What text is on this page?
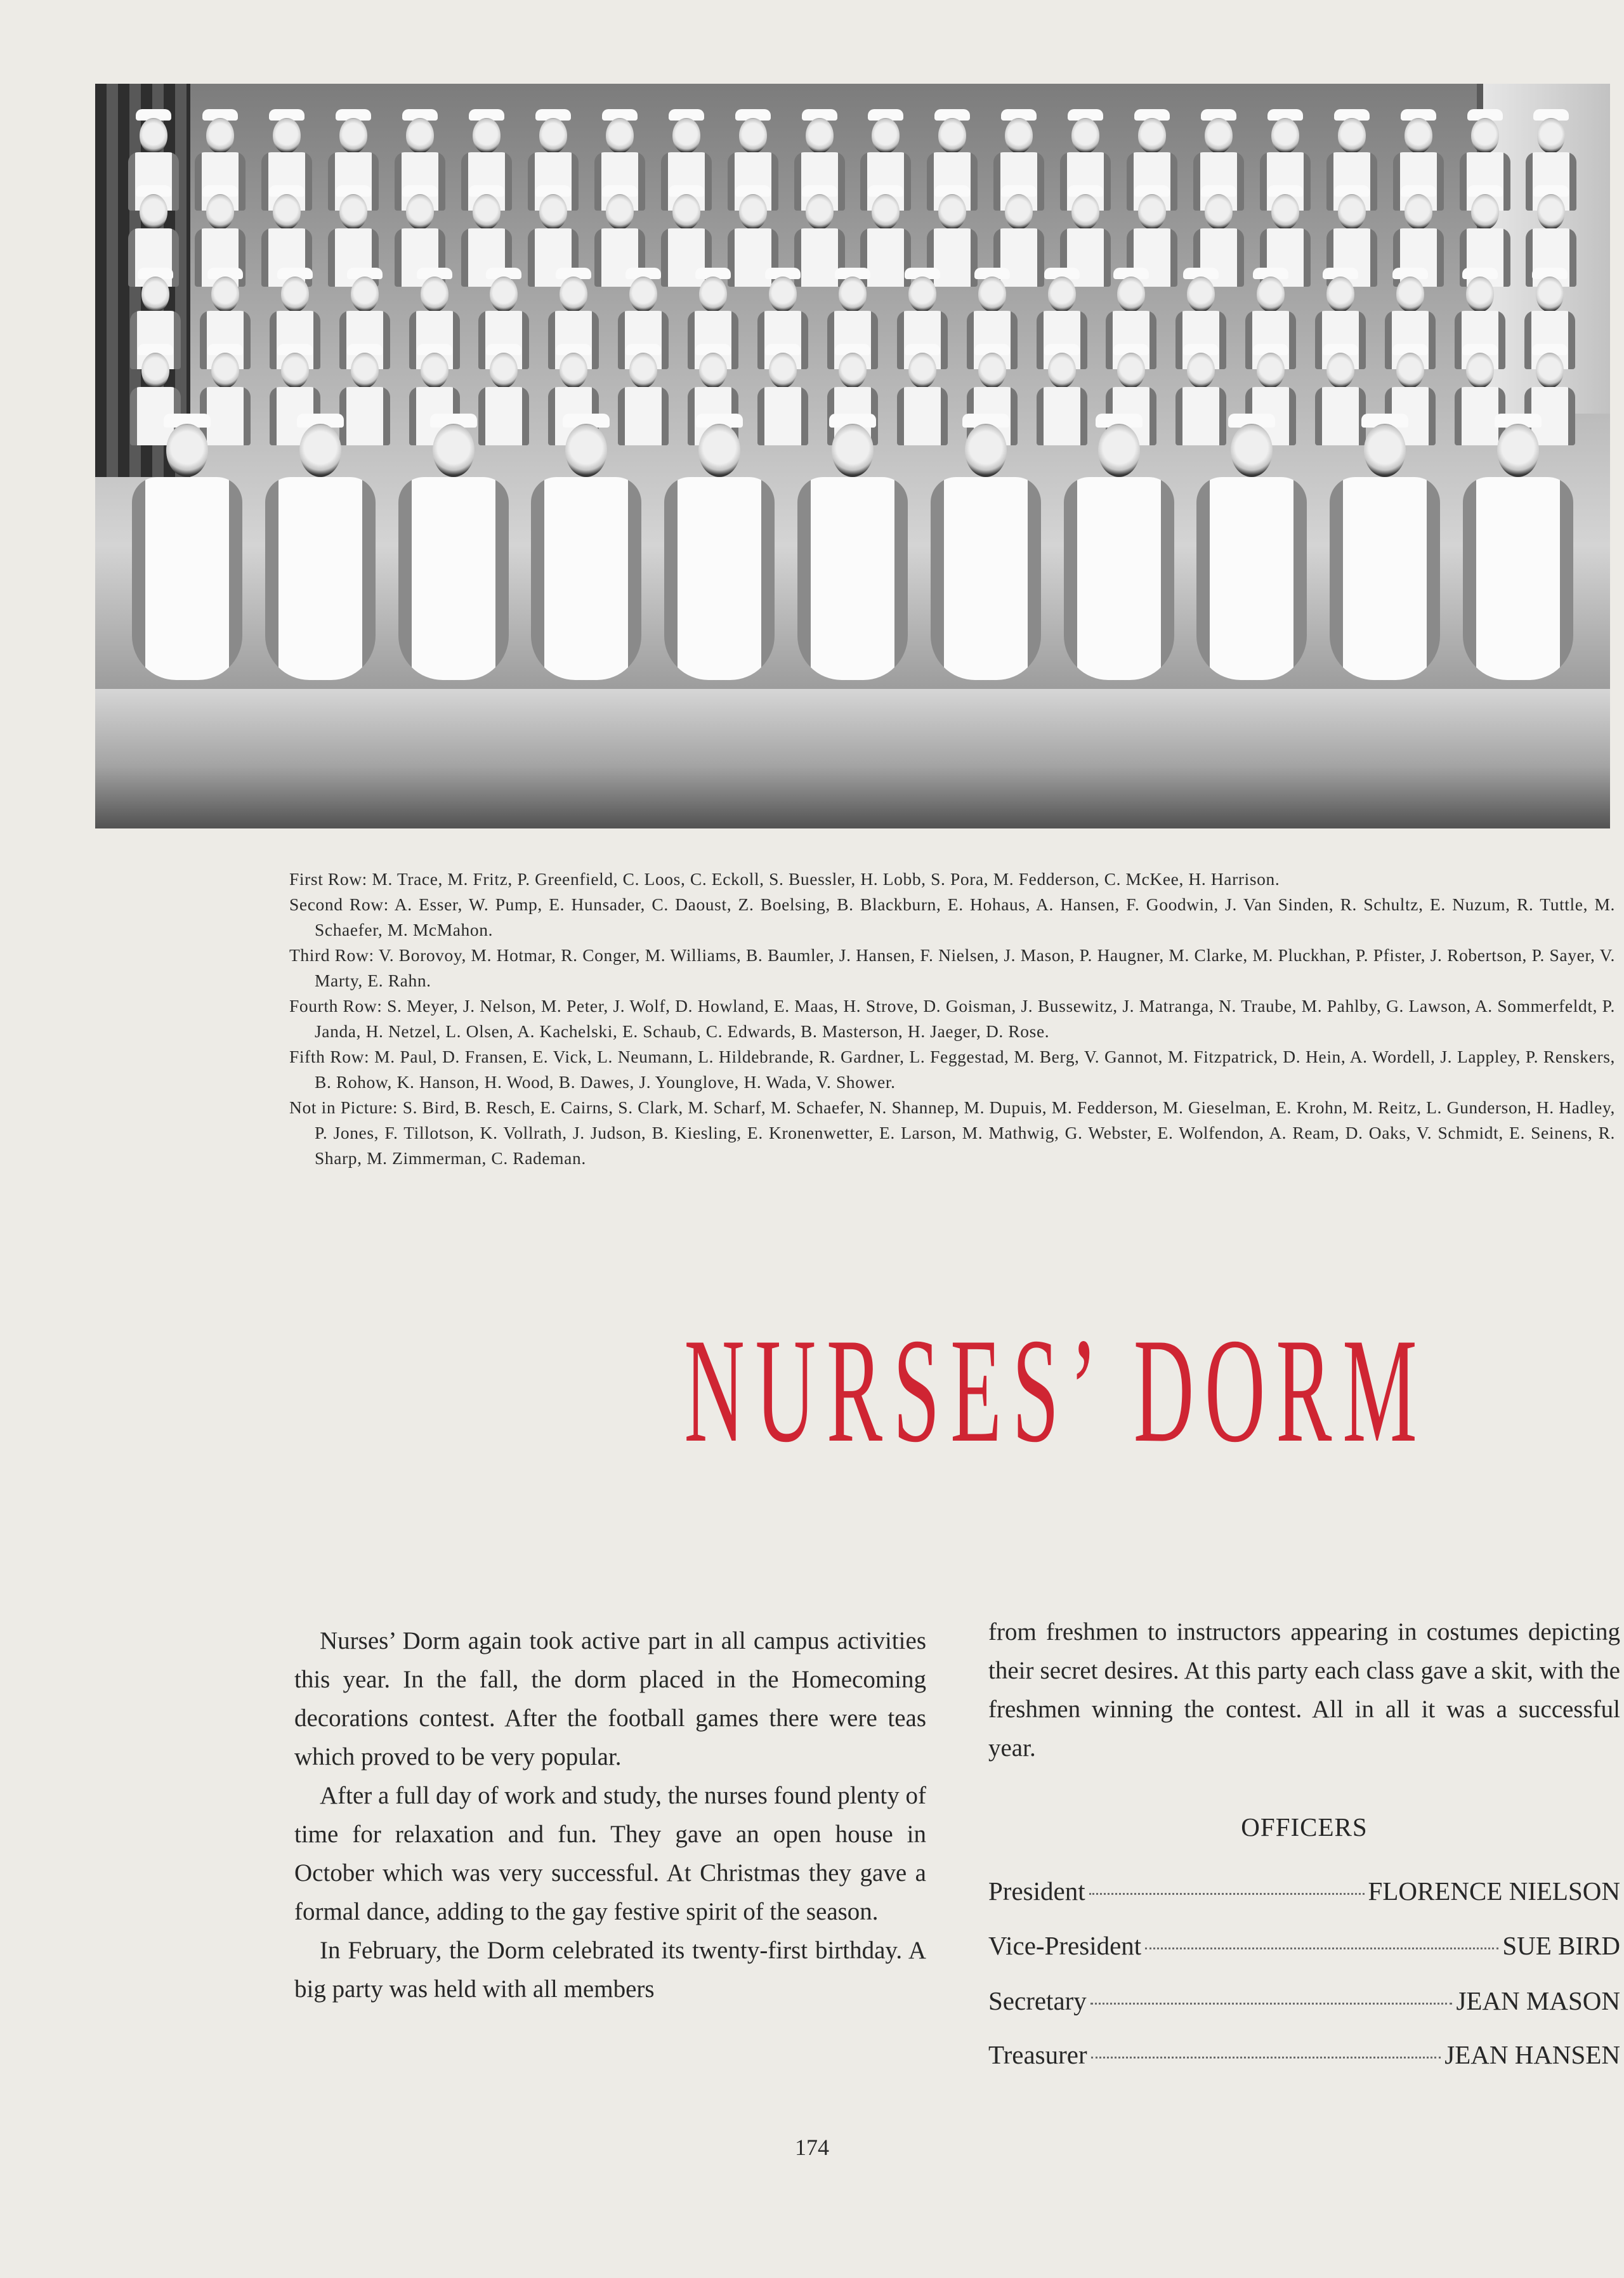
First Row: M. Trace, M. Fritz, P. Greenfield, C. Loos, C. Eckoll, S. Buessler, H. Lobb, S. Pora, M. Fedderson, C. McKee, H. Harrison.

Second Row: A. Esser, W. Pump, E. Hunsader, C. Daoust, Z. Boelsing, B. Blackburn, E. Hohaus, A. Hansen, F. Goodwin, J. Van Sinden, R. Schultz, E. Nuzum, R. Tuttle, M. Schaefer, M. McMahon.

Third Row: V. Borovoy, M. Hotmar, R. Conger, M. Williams, B. Baumler, J. Hansen, F. Nielsen, J. Mason, P. Haugner, M. Clarke, M. Pluckhan, P. Pfister, J. Robertson, P. Sayer, V. Marty, E. Rahn.

Fourth Row: S. Meyer, J. Nelson, M. Peter, J. Wolf, D. Howland, E. Maas, H. Strove, D. Goisman, J. Bussewitz, J. Matranga, N. Traube, M. Pahlby, G. Lawson, A. Sommerfeldt, P. Janda, H. Netzel, L. Olsen, A. Kachelski, E. Schaub, C. Edwards, B. Masterson, H. Jaeger, D. Rose.

Fifth Row: M. Paul, D. Fransen, E. Vick, L. Neumann, L. Hildebrande, R. Gardner, L. Feggestad, M. Berg, V. Gannot, M. Fitzpatrick, D. Hein, A. Wordell, J. Lappley, P. Renskers, B. Rohow, K. Hanson, H. Wood, B. Dawes, J. Younglove, H. Wada, V. Shower.

Not in Picture: S. Bird, B. Resch, E. Cairns, S. Clark, M. Scharf, M. Schaefer, N. Shannep, M. Dupuis, M. Fedderson, M. Gieselman, E. Krohn, M. Reitz, L. Gunderson, H. Hadley, P. Jones, F. Tillotson, K. Vollrath, J. Judson, B. Kiesling, E. Kronenwetter, E. Larson, M. Mathwig, G. Webster, E. Wolfendon, A. Ream, D. Oaks, V. Schmidt, E. Seinens, R. Sharp, M. Zimmerman, C. Rademan.

NURSES’ DORM

Nurses’ Dorm again took active part in all campus activities this year. In the fall, the dorm placed in the Homecoming decorations contest. After the football games there were teas which proved to be very popular.

After a full day of work and study, the nurses found plenty of time for relaxation and fun. They gave an open house in October which was very successful. At Christmas they gave a formal dance, adding to the gay festive spirit of the season.

In February, the Dorm celebrated its twenty-first birthday. A big party was held with all members

from freshmen to instructors appearing in costumes depicting their secret desires. At this party each class gave a skit, with the freshmen winning the contest. All in all it was a successful year.

OFFICERS
President	FLORENCE NIELSON
Vice-President	SUE BIRD
Secretary	JEAN MASON
Treasurer	JEAN HANSEN
174
